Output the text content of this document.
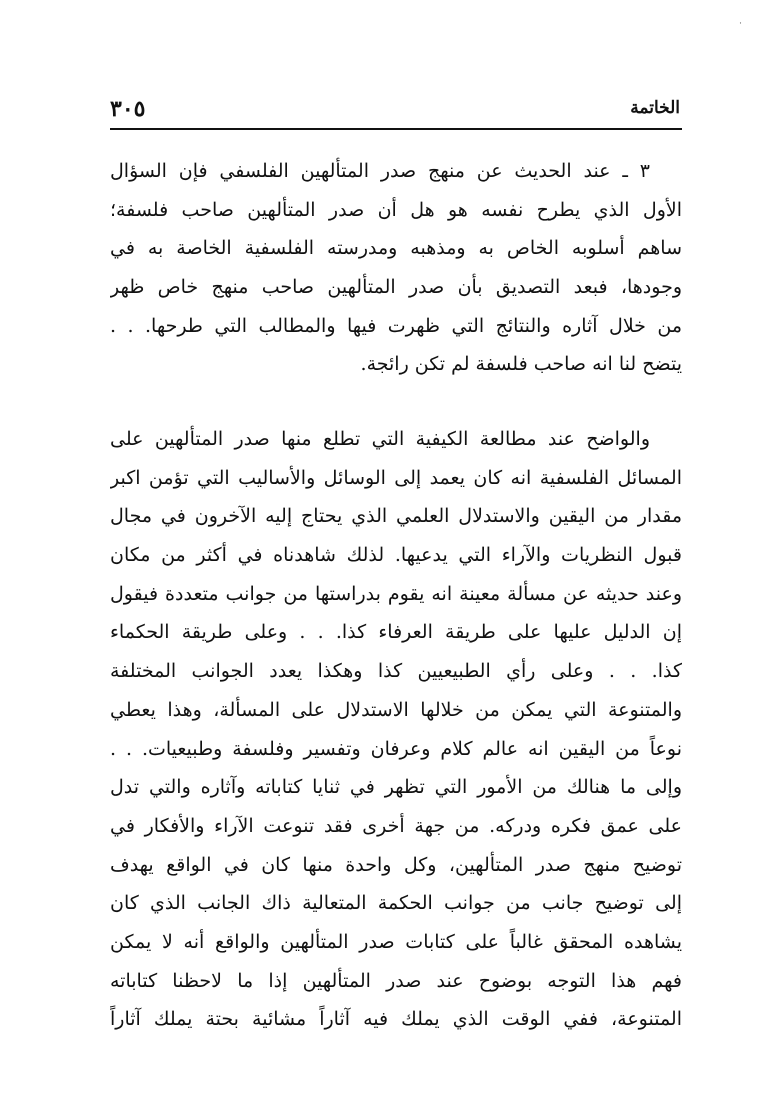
˙
الخاتمة
٣٠٥
٣ ـ عند الحديث عن منهج صدر المتألهين الفلسفي فإن السؤال
الأول الذي يطرح نفسه هو هل أن صدر المتألهين صاحب فلسفة؛
ساهم أسلوبه الخاص به ومذهبه ومدرسته الفلسفية الخاصة به في
وجودها، فبعد التصديق بأن صدر المتألهين صاحب منهج خاص ظهر
من خلال آثاره والنتائج التي ظهرت فيها والمطالب التي طرحها. . .
يتضح لنا انه صاحب فلسفة لم تكن رائجة.
والواضح عند مطالعة الكيفية التي تطلع منها صدر المتألهين على
المسائل الفلسفية انه كان يعمد إلى الوسائل والأساليب التي تؤمن اكبر
مقدار من اليقين والاستدلال العلمي الذي يحتاج إليه الآخرون في مجال
قبول النظريات والآراء التي يدعيها. لذلك شاهدناه في أكثر من مكان
وعند حديثه عن مسألة معينة انه يقوم بدراستها من جوانب متعددة فيقول
إن الدليل عليها على طريقة العرفاء كذا. . . وعلى طريقة الحكماء
كذا. . . وعلى رأي الطبيعيين كذا وهكذا يعدد الجوانب المختلفة
والمتنوعة التي يمكن من خلالها الاستدلال على المسألة، وهذا يعطي
نوعاً من اليقين انه عالم كلام وعرفان وتفسير وفلسفة وطبيعيات. . .
وإلى ما هنالك من الأمور التي تظهر في ثنايا كتاباته وآثاره والتي تدل
على عمق فكره ودركه. من جهة أخرى فقد تنوعت الآراء والأفكار في
توضيح منهج صدر المتألهين، وكل واحدة منها كان في الواقع يهدف
إلى توضيح جانب من جوانب الحكمة المتعالية ذاك الجانب الذي كان
يشاهده المحقق غالباً على كتابات صدر المتألهين والواقع أنه لا يمكن
فهم هذا التوجه بوضوح عند صدر المتألهين إذا ما لاحظنا كتاباته
المتنوعة، ففي الوقت الذي يملك فيه آثاراً مشائية بحتة يملك آثاراً
